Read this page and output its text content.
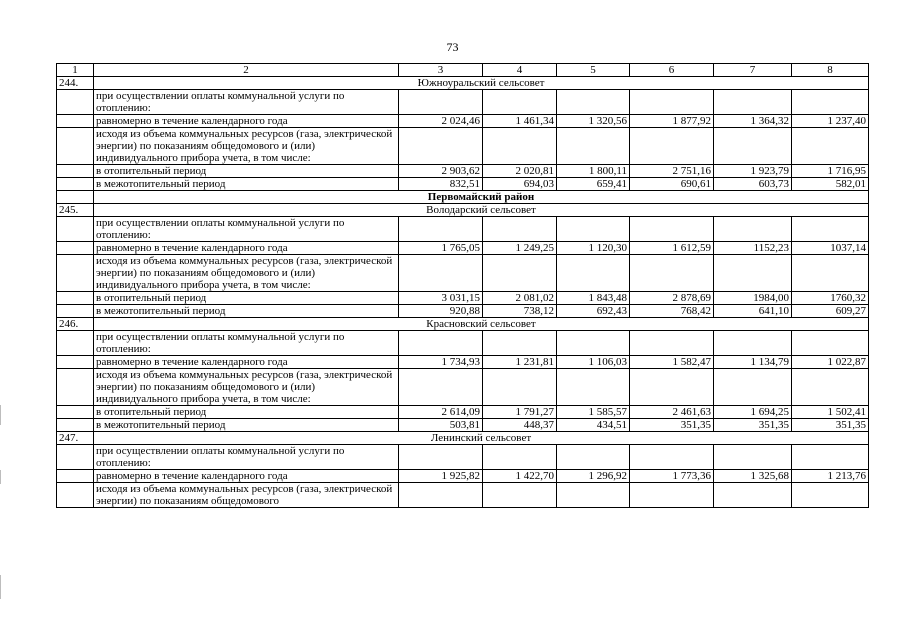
73
1	2	3	4	5	6	7	8
244.	Южноуральский сельсовет						
	при осуществлении оплаты коммунальной услуги по отоплению:						
	равномерно в течение календарного года	2 024,46	1 461,34	1 320,56	1 877,92	1 364,32	1 237,40
	исходя из объема коммунальных ресурсов (газа, электрической энергии) по показаниям общедомового и (или) индивидуального прибора учета, в том числе:						
	в отопительный период	2 903,62	2 020,81	1 800,11	2 751,16	1 923,79	1 716,95
	в межотопительный период	832,51	694,03	659,41	690,61	603,73	582,01
	Первомайский район						
245.	Володарский сельсовет						
	при осуществлении оплаты коммунальной услуги по отоплению:						
	равномерно в течение календарного года	1 765,05	1 249,25	1 120,30	1 612,59	1152,23	1037,14
	исходя из объема коммунальных ресурсов (газа, электрической энергии) по показаниям общедомового и (или) индивидуального прибора учета, в том числе:						
	в отопительный период	3 031,15	2 081,02	1 843,48	2 878,69	1984,00	1760,32
	в межотопительный период	920,88	738,12	692,43	768,42	641,10	609,27
246.	Красновский сельсовет						
	при осуществлении оплаты коммунальной услуги по отоплению:						
	равномерно в течение календарного года	1 734,93	1 231,81	1 106,03	1 582,47	1 134,79	1 022,87
	исходя из объема коммунальных ресурсов (газа, электрической энергии) по показаниям общедомового и (или) индивидуального прибора учета, в том числе:						
	в отопительный период	2 614,09	1 791,27	1 585,57	2 461,63	1 694,25	1 502,41
	в межотопительный период	503,81	448,37	434,51	351,35	351,35	351,35
247.	Ленинский сельсовет						
	при осуществлении оплаты коммунальной услуги по отоплению:						
	равномерно в течение календарного года	1 925,82	1 422,70	1 296,92	1 773,36	1 325,68	1 213,76
	исходя из объема коммунальных ресурсов (газа, электрической энергии) по показаниям общедомового						
